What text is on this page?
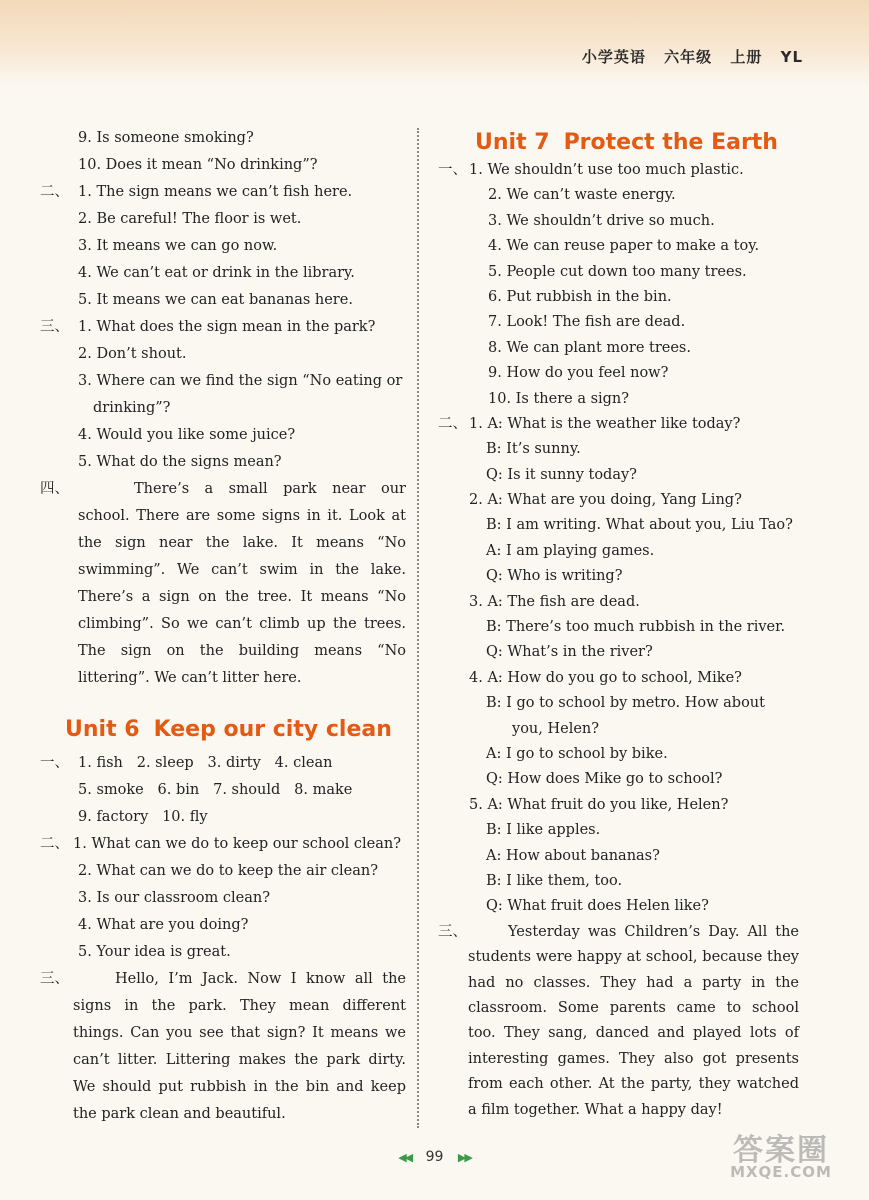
小学英语 六年级 上册 YL
9. Is someone smoking?
10. Does it mean “No drinking”?
二、 1. The sign means we can’t fish here.
2. Be careful! The floor is wet.
3. It means we can go now.
4. We can’t eat or drink in the library.
5. It means we can eat bananas here.
三、 1. What does the sign mean in the park?
2. Don’t shout.
3. Where can we find the sign “No eating or
drinking”?
4. Would you like some juice?
5. What do the signs mean?
四、	There’s a small park near our school. There are some signs in it. Look at the sign near the lake. It means “No swimming”. We can’t swim in the lake. There’s a sign on the tree. It means “No climbing”. So we can’t climb up the trees. The sign on the building means “No littering”. We can’t litter here.
Unit 6 Keep our city clean
一、 1. fish   2. sleep   3. dirty   4. clean
5. smoke   6. bin   7. should   8. make
9. factory   10. fly
二、 1. What can we do to keep our school clean?
2. What can we do to keep the air clean?
3. Is our classroom clean?
4. What are you doing?
5. Your idea is great.
三、	Hello, I’m Jack. Now I know all the signs in the park. They mean different things. Can you see that sign? It means we can’t litter. Littering makes the park dirty. We should put rubbish in the bin and keep the park clean and beautiful.
Unit 7 Protect the Earth
一、 1. We shouldn’t use too much plastic.
2. We can’t waste energy.
3. We shouldn’t drive so much.
4. We can reuse paper to make a toy.
5. People cut down too many trees.
6. Put rubbish in the bin.
7. Look! The fish are dead.
8. We can plant more trees.
9. How do you feel now?
10. Is there a sign?
二、 1. A: What is the weather like today?
B: It’s sunny.
Q: Is it sunny today?
2. A: What are you doing, Yang Ling?
B: I am writing. What about you, Liu Tao?
A: I am playing games.
Q: Who is writing?
3. A: The fish are dead.
B: There’s too much rubbish in the river.
Q: What’s in the river?
4. A: How do you go to school, Mike?
B: I go to school by metro. How about
you, Helen?
A: I go to school by bike.
Q: How does Mike go to school?
5. A: What fruit do you like, Helen?
B: I like apples.
A: How about bananas?
B: I like them, too.
Q: What fruit does Helen like?
三、	Yesterday was Children’s Day. All the students were happy at school, because they had no classes. They had a party in the classroom. Some parents came to school too. They sang, danced and played lots of interesting games. They also got presents from each other. At the party, they watched a film together. What a happy day!
◀◀ 99 ▶▶	答案圈
MXQE.COM
